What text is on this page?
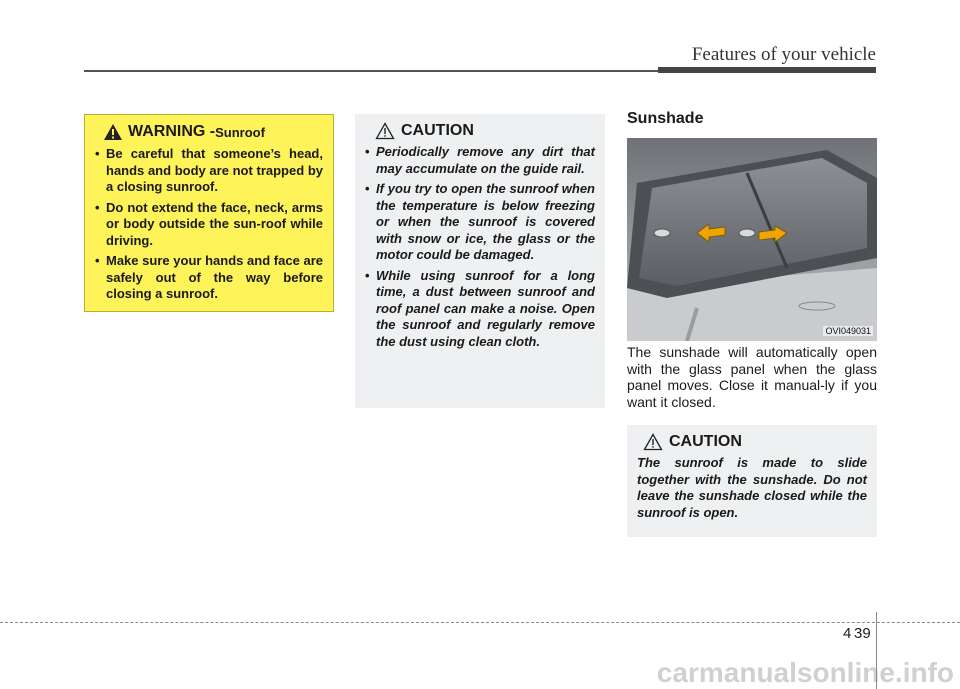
Features of your vehicle
WARNING - Sunroof
• Be careful that someone’s head, hands and body are not trapped by a closing sunroof.
• Do not extend the face, neck, arms or body outside the sun-roof while driving.
• Make sure your hands and face are safely out of the way before closing a sunroof.
CAUTION
• Periodically remove any dirt that may accumulate on the guide rail.
• If you try to open the sunroof when the temperature is below freezing or when the sunroof is covered with snow or ice, the glass or the motor could be damaged.
• While using sunroof for a long time, a dust between sunroof and roof panel can make a noise. Open the sunroof and regularly remove the dust using clean cloth.
Sunshade
OVI049031
The sunshade will automatically open with the glass panel when the glass panel moves. Close it manual-ly if you want it closed.
CAUTION
The sunroof is made to slide together with the sunshade. Do not leave the sunshade closed while the sunroof is open.
4 39
carmanualsonline.info
